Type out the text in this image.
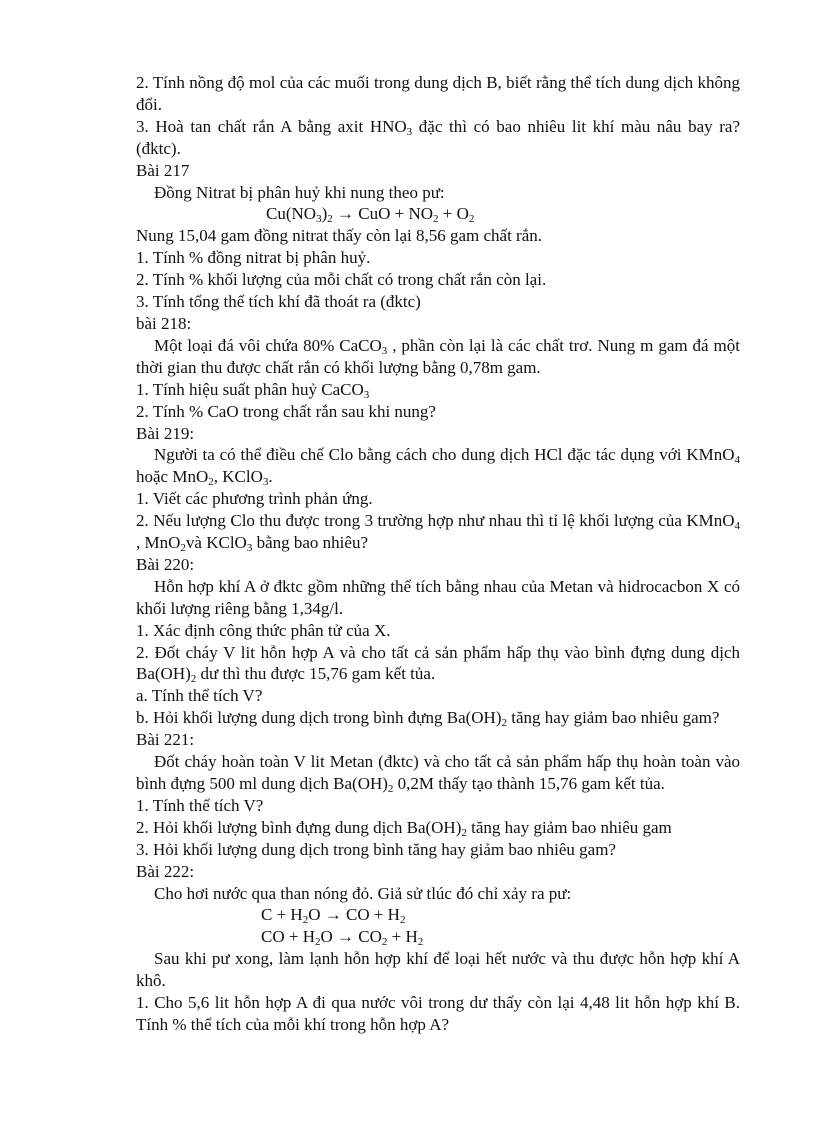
2. Tính nồng độ mol của các muối trong dung dịch B, biết rằng thể tích dung dịch không đổi.
3. Hoà tan chất rắn A bằng axit $HNO_3$ đặc thì có bao nhiêu lit khí màu nâu bay ra? (đktc).
Bài 217
Đồng Nitrat bị phân huỷ khi nung theo pư:
$Cu(NO_3)_2$ → CuO + $NO_2 + O_2$
Nung 15,04 gam đồng nitrat thấy còn lại 8,56 gam chất rắn.
1. Tính % đồng nitrat bị phân huỷ.
2. Tính % khối lượng của mỗi chất có trong chất rắn còn lại.
3. Tính tổng thể tích khí đã thoát ra (đktc)
bài 218:
Một loại đá vôi chứa 80% CaCO$_3$ , phần còn lại là các chất trơ. Nung m gam đá một thời gian thu được chất rắn có khối lượng bằng 0,78m gam.
1. Tính hiệu suất phân huỷ CaCO$_3$
2. Tính % CaO trong chất rắn sau khi nung?
Bài 219:
Người ta có thể điều chế Clo bằng cách cho dung dịch HCl đặc tác dụng với KMnO$_4$ hoặc MnO$_2$, KClO$_3$.
1. Viết các phương trình phản ứng.
2. Nếu lượng Clo thu được trong 3 trường hợp như nhau thì tỉ lệ khối lượng của KMnO$_4$ , MnO$_2$và KClO$_3$ bằng bao nhiêu?
Bài 220:
Hỗn hợp khí A ở đktc gồm những thể tích bằng nhau của Metan và hidrocacbon X có khối lượng riêng bằng 1,34g/l.
1. Xác định công thức phân tử của X.
2. Đốt cháy V lit hỗn hợp A và cho tất cả sản phẩm hấp thụ vào bình đựng dung dịch $Ba(OH)_2$ dư thì thu được 15,76 gam kết tủa.
a. Tính thể tích V?
b. Hỏi khối lượng dung dịch trong bình đựng $Ba(OH)_2$ tăng hay giảm bao nhiêu gam?
Bài 221:
Đốt cháy hoàn toàn V lit Metan (đktc) và cho tất cả sản phẩm hấp thụ hoàn toàn vào bình đựng 500 ml dung dịch $Ba(OH)_2$ 0,2M thấy tạo thành 15,76 gam kết tủa.
1. Tính thể tích V?
2. Hỏi khối lượng bình đựng dung dịch $Ba(OH)_2$ tăng hay giảm bao nhiêu gam
3. Hỏi khối lượng dung dịch trong bình tăng hay giảm bao nhiêu gam?
Bài 222:
Cho hơi nước qua than nóng đỏ. Giả sử tlúc đó chỉ xảy ra pư:
$C + H_2O$ → CO + $H_2$
CO + $H_2O \to CO_2 + H_2$
Sau khi pư xong, làm lạnh hỗn hợp khí để loại hết nước và thu được hỗn hợp khí A khô.
1. Cho 5,6 lit hỗn hợp A đi qua nước vôi trong dư thấy còn lại 4,48 lit hỗn hợp khí B. Tính % thể tích của mỗi khí trong hỗn hợp A?
